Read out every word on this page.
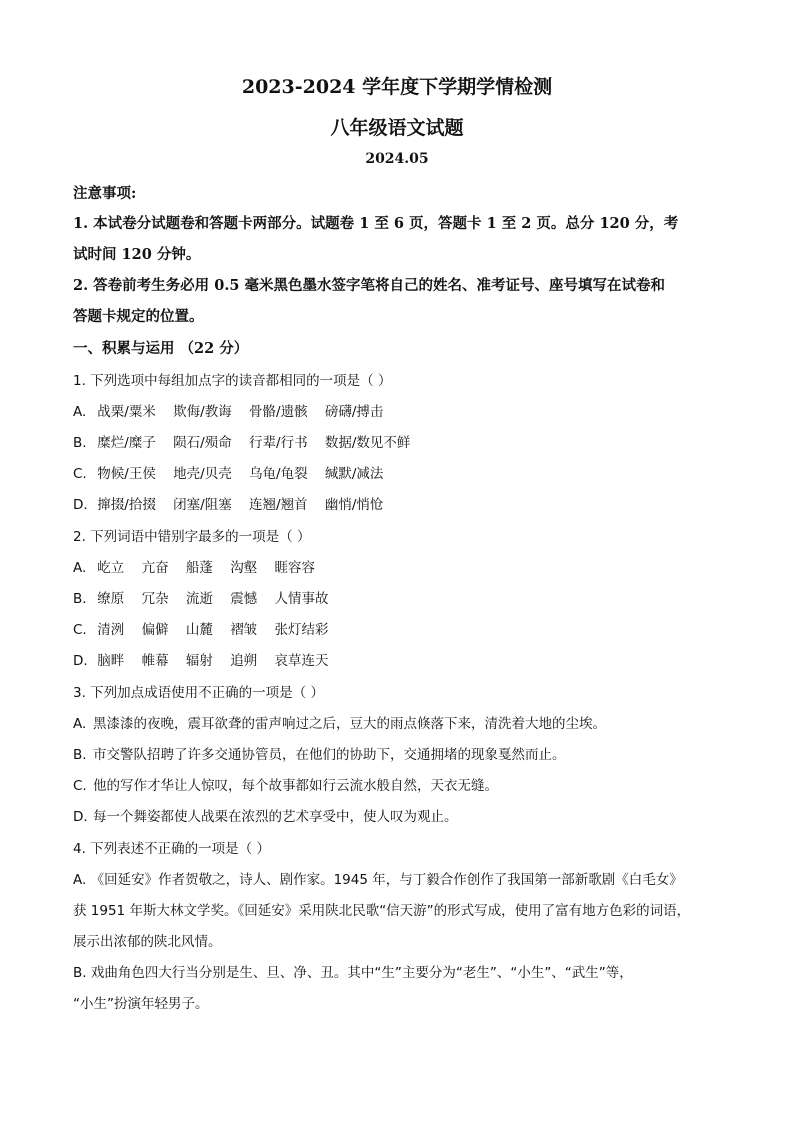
2023-2024 学年度下学期学情检测
八年级语文试题
2024.05
注意事项:
1. 本试卷分试题卷和答题卡两部分。试题卷 1 至 6 页，答题卡 1 至 2 页。总分 120 分，考
试时间 120 分钟。
2. 答卷前考生务必用 0.5 毫米黑色墨水签字笔将自己的姓名、准考证号、座号填写在试卷和
答题卡规定的位置。
一、积累与运用 （22 分）
1. 下列选项中每组加点字的读音都相同的一项是（ ）
A. 战栗/粟米 欺侮/教诲 骨骼/遗骸 磅礴/搏击
B. 糜烂/糜子 陨石/殒命 行辈/行书 数据/数见不鲜
C. 物候/王侯 地壳/贝壳 乌龟/龟裂 缄默/减法
D. 撺掇/拾掇 闭塞/阻塞 连翘/翘首 幽悄/悄怆
2. 下列词语中错别字最多的一项是（ ）
A. 屹立 亢奋 船蓬 沟壑 睚容容
B. 缭原 冗杂 流逝 震憾 人情事故
C. 清洌 偏僻 山麓 褶皱 张灯结彩
D. 脑畔 帷幕 辐射 追朔 哀草连天
3. 下列加点成语使用不正确的一项是（ ）
A. 黑漆漆的夜晚，震耳欲聋的雷声响过之后，豆大的雨点倏落下来，清洗着大地的尘埃。
B. 市交警队招聘了许多交通协管员，在他们的协助下，交通拥堵的现象戛然而止。
C. 他的写作才华让人惊叹，每个故事都如行云流水般自然，天衣无缝。
D. 每一个舞姿都使人战栗在浓烈的艺术享受中，使人叹为观止。
4. 下列表述不正确的一项是（ ）
A. 《回延安》作者贺敬之，诗人、剧作家。1945 年，与丁毅合作创作了我国第一部新歌剧《白毛女》
获 1951 年斯大林文学奖。《回延安》采用陕北民歌“信天游”的形式写成，使用了富有地方色彩的词语，
展示出浓郁的陕北风情。
B. 戏曲角色四大行当分别是生、旦、净、丑。其中“生”主要分为“老生”、“小生”、“武生”等，
“小生”扮演年轻男子。
